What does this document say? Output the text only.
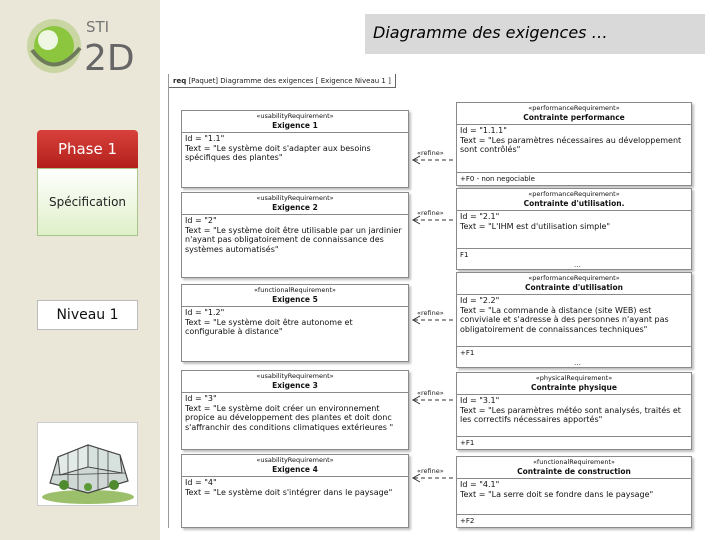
STI
2D
Phase 1
Spécification
Niveau 1
Diagramme des exigences …
req [Paquet] Diagramme des exigences [ Exigence Niveau 1 ]
«usabilityRequirement»
Exigence 1
Id = "1.1"
Text = "Le système doit s'adapter aux besoins spécifiques des plantes"
«usabilityRequirement»
Exigence 2
Id = "2"
Text = "Le système doit être utilisable par un jardinier n'ayant pas obligatoirement de connaissance des systèmes automatisés"
«functionalRequirement»
Exigence 5
Id = "1.2"
Text = "Le système doit être autonome et configurable à distance"
«usabilityRequirement»
Exigence 3
Id = "3"
Text = "Le système doit créer un environnement propice au développement des plantes et doit donc s'affranchir des conditions climatiques extérieures "
«usabilityRequirement»
Exigence 4
Id = "4"
Text = "Le système doit s'intégrer dans le paysage"
«performanceRequirement»
Contrainte performance
Id = "1.1.1"
Text = "Les paramètres nécessaires au développement sont contrôlés"
+F0 - non negociable
«performanceRequirement»
Contrainte d'utilisation.
Id = "2.1"
Text = "L'IHM est d'utilisation simple"
F1
…
«performanceRequirement»
Contrainte d'utilisation
Id = "2.2"
Text = "La commande à distance (site WEB) est conviviale et s'adresse à des personnes n'ayant pas obligatoirement de connaissances techniques"
+F1
…
«physicalRequirement»
Contrainte physique
Id = "3.1"
Text = "Les paramètres météo sont analysés, traités et les correctifs nécessaires apportés"
+F1
«functionalRequirement»
Contrainte de construction
Id = "4.1"
Text = "La serre doit se fondre dans le paysage"
+F2
«refine»
«refine»
«refine»
«refine»
«refine»
